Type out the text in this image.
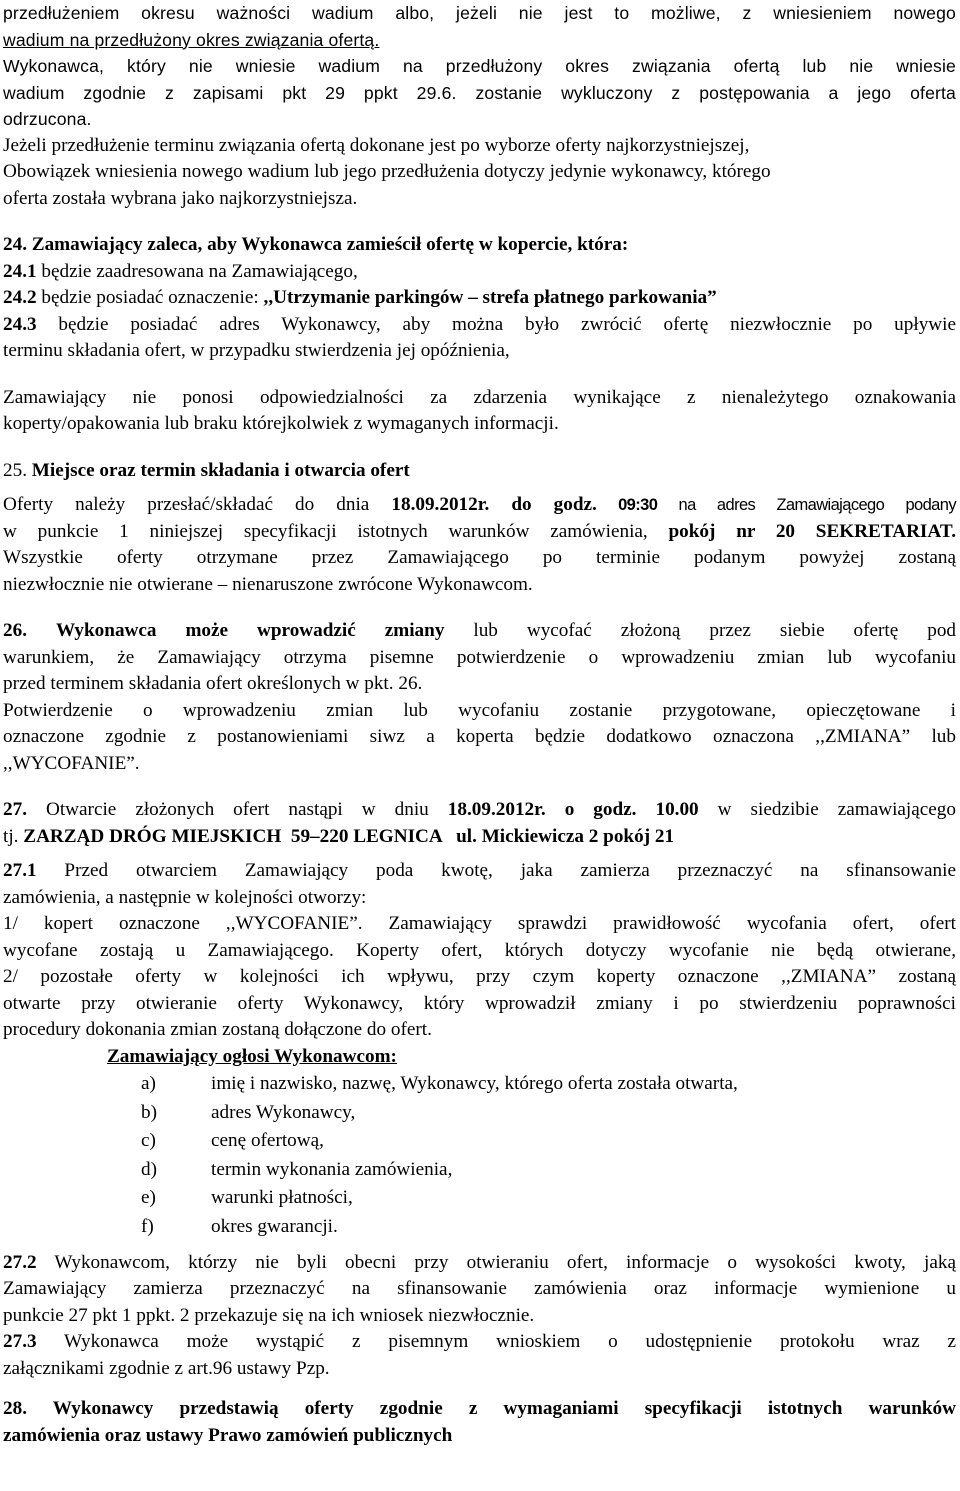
przedłużeniem okresu ważności wadium albo, jeżeli nie jest to możliwe, z wniesieniem nowego

wadium na przedłużony okres związania ofertą.

Wykonawca, który nie wniesie wadium na przedłużony okres związania ofertą lub nie wniesie

wadium zgodnie z zapisami pkt 29 ppkt 29.6. zostanie wykluczony z postępowania a jego oferta

odrzucona.

Jeżeli przedłużenie terminu związania ofertą dokonane jest po wyborze oferty najkorzystniejszej,

Obowiązek wniesienia nowego wadium lub jego przedłużenia dotyczy jedynie wykonawcy, którego

oferta została wybrana jako najkorzystniejsza.

24. Zamawiający zaleca, aby Wykonawca zamieścił ofertę w kopercie, która:

24.1 będzie zaadresowana na Zamawiającego,

24.2 będzie posiadać oznaczenie: ,,Utrzymanie parkingów – strefa płatnego parkowania”

24.3 będzie posiadać adres Wykonawcy, aby można było zwrócić ofertę niezwłocznie po upływie

terminu składania ofert, w przypadku stwierdzenia jej opóźnienia,

Zamawiający nie ponosi odpowiedzialności za zdarzenia wynikające z nienależytego oznakowania

koperty/opakowania lub braku którejkolwiek z wymaganych informacji.

25. Miejsce oraz termin składania i otwarcia ofert

Oferty należy przesłać/składać do dnia 18.09.2012r. do godz. 09:30 na adres Zamawiającego podany

w punkcie 1 niniejszej specyfikacji istotnych warunków zamówienia, pokój nr 20 SEKRETARIAT.

Wszystkie oferty otrzymane przez Zamawiającego po terminie podanym powyżej zostaną

niezwłocznie nie otwierane – nienaruszone zwrócone Wykonawcom.

26. Wykonawca może wprowadzić zmiany lub wycofać złożoną przez siebie ofertę pod

warunkiem, że Zamawiający otrzyma pisemne potwierdzenie o wprowadzeniu zmian lub wycofaniu

przed terminem składania ofert określonych w pkt. 26.

Potwierdzenie o wprowadzeniu zmian lub wycofaniu zostanie przygotowane, opieczętowane i

oznaczone zgodnie z postanowieniami siwz a koperta będzie dodatkowo oznaczona ,,ZMIANA” lub

,,WYCOFANIE”.

27. Otwarcie złożonych ofert nastąpi w dniu 18.09.2012r. o godz. 10.00 w siedzibie zamawiającego

tj. ZARZĄD DRÓG MIEJSKICH  59–220 LEGNICA   ul. Mickiewicza 2 pokój 21

27.1 Przed otwarciem Zamawiający poda kwotę, jaka zamierza przeznaczyć na sfinansowanie

zamówienia, a następnie w kolejności otworzy:

1/ kopert oznaczone ,,WYCOFANIE”. Zamawiający sprawdzi prawidłowość wycofania ofert, ofert

wycofane zostają u Zamawiającego. Koperty ofert, których dotyczy wycofanie nie będą otwierane,

2/ pozostałe oferty w kolejności ich wpływu, przy czym koperty oznaczone ,,ZMIANA” zostaną

otwarte przy otwieranie oferty Wykonawcy, który wprowadził zmiany i po stwierdzeniu poprawności

procedury dokonania zmian zostaną dołączone do ofert.

Zamawiający ogłosi Wykonawcom:

a)	imię i nazwisko, nazwę, Wykonawcy, którego oferta została otwarta,
b)	adres Wykonawcy,
c)	cenę ofertową,
d)	termin wykonania zamówienia,
e)	warunki płatności,
f)	okres gwarancji.

27.2 Wykonawcom, którzy nie byli obecni przy otwieraniu ofert, informacje o wysokości kwoty, jaką

Zamawiający zamierza przeznaczyć na sfinansowanie zamówienia oraz informacje wymienione u

punkcie 27 pkt 1 ppkt. 2 przekazuje się na ich wniosek niezwłocznie.

27.3 Wykonawca może wystąpić z pisemnym wnioskiem o udostępnienie protokołu wraz z

załącznikami zgodnie z art.96 ustawy Pzp.

28. Wykonawcy przedstawią oferty zgodnie z wymaganiami specyfikacji istotnych warunków

zamówienia oraz ustawy Prawo zamówień publicznych
